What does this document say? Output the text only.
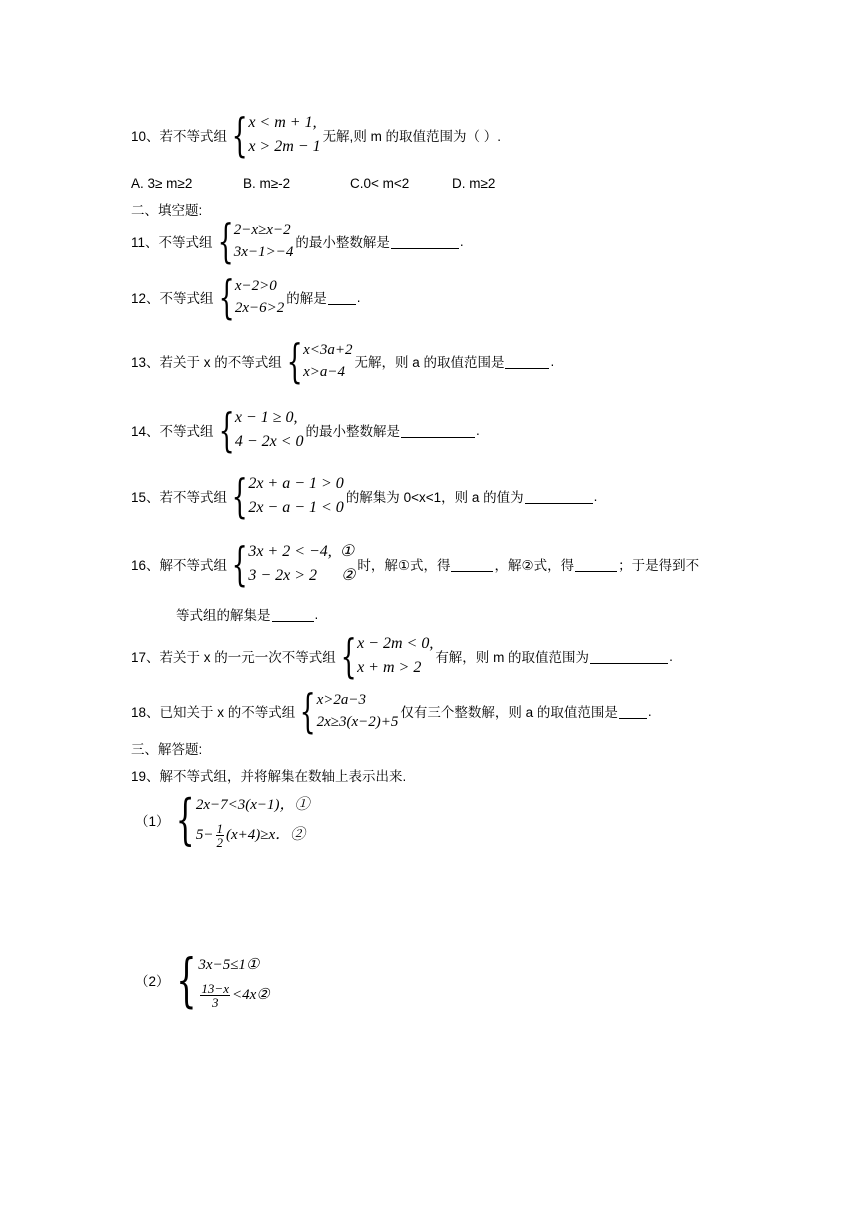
10、若不等式组 { x < m + 1,
x > 2m − 1
无解,则 m 的取值范围为（ ）.
A. 3≥ m≥2	B. m≥-2	C.0< m<2	D. m≥2
二、填空题:
11、不等式组 { 2−x≥x−2
3x−1>−4
的最小整数解是	.
12、不等式组 { x−2>0
2x−6>2
的解是 .
13、若关于 x 的不等式组 { x<3a+2
x>a−4
无解，则 a 的取值范围是	.
14、不等式组 { x − 1 ≥ 0,
4 − 2x < 0
的最小整数解是	.
15、若不等式组 { 2x + a − 1 > 0
2x − a − 1 < 0
的解集为 0<x<1，则 a 的值为	.
16、解不等式组 { 3x + 2 < −4,  ①
3 − 2x > 2      ②
时，解①式，得	，解②式，得	；于是得到不
等式组的解集是	.
17、若关于 x 的一元一次不等式组 { x − 2m < 0,
x + m > 2
有解，则 m 的取值范围为	.
18、已知关于 x 的不等式组 { x>2a−3
2x≥3(x−2)+5
仅有三个整数解，则 a 的取值范围是 .
三、解答题:
19、解不等式组，并将解集在数轴上表示出来.
（1） { 2x−7<3(x−1)，①
$5- \frac{1}{2} (x+4)\ge x$．②
（2） { 3x−5≤1①
$\frac{13-x}{3}$ <4x②
